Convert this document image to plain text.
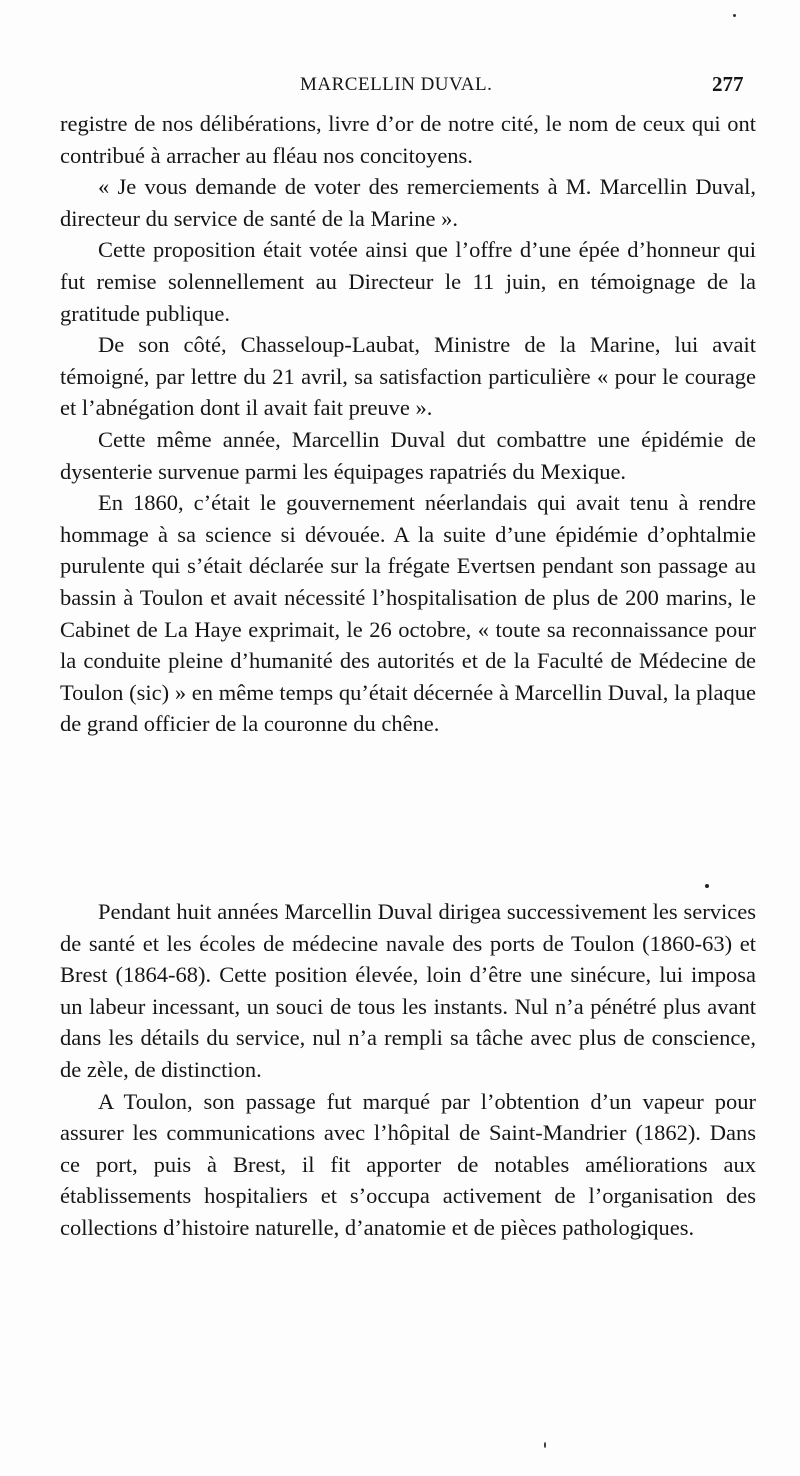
MARCELLIN DUVAL.	277

registre de nos délibérations, livre d’or de notre cité, le nom de ceux qui ont contribué à arracher au fléau nos concitoyens.

« Je vous demande de voter des remerciements à M. Marcellin Duval, directeur du service de santé de la Marine ».

Cette proposition était votée ainsi que l’offre d’une épée d’honneur qui fut remise solennellement au Directeur le 11 juin, en témoignage de la gratitude publique.

De son côté, Chasseloup-Laubat, Ministre de la Marine, lui avait témoigné, par lettre du 21 avril, sa satisfaction particulière « pour le courage et l’abnégation dont il avait fait preuve ».

Cette même année, Marcellin Duval dut combattre une épidémie de dysenterie survenue parmi les équipages rapatriés du Mexique.

En 1860, c’était le gouvernement néerlandais qui avait tenu à rendre hommage à sa science si dévouée. A la suite d’une épidémie d’ophtalmie purulente qui s’était déclarée sur la frégate Evertsen pendant son passage au bassin à Toulon et avait nécessité l’hospitalisation de plus de 200 marins, le Cabinet de La Haye exprimait, le 26 octobre, « toute sa reconnaissance pour la conduite pleine d’humanité des autorités et de la Faculté de Médecine de Toulon (sic) » en même temps qu’était décernée à Marcellin Duval, la plaque de grand officier de la couronne du chêne.

Pendant huit années Marcellin Duval dirigea successivement les services de santé et les écoles de médecine navale des ports de Toulon (1860-63) et Brest (1864-68). Cette position élevée, loin d’être une sinécure, lui imposa un labeur incessant, un souci de tous les instants. Nul n’a pénétré plus avant dans les détails du service, nul n’a rempli sa tâche avec plus de conscience, de zèle, de distinction.

A Toulon, son passage fut marqué par l’obtention d’un vapeur pour assurer les communications avec l’hôpital de Saint-Mandrier (1862). Dans ce port, puis à Brest, il fit apporter de notables améliorations aux établissements hospitaliers et s’occupa activement de l’organisation des collections d’histoire naturelle, d’anatomie et de pièces pathologiques.
